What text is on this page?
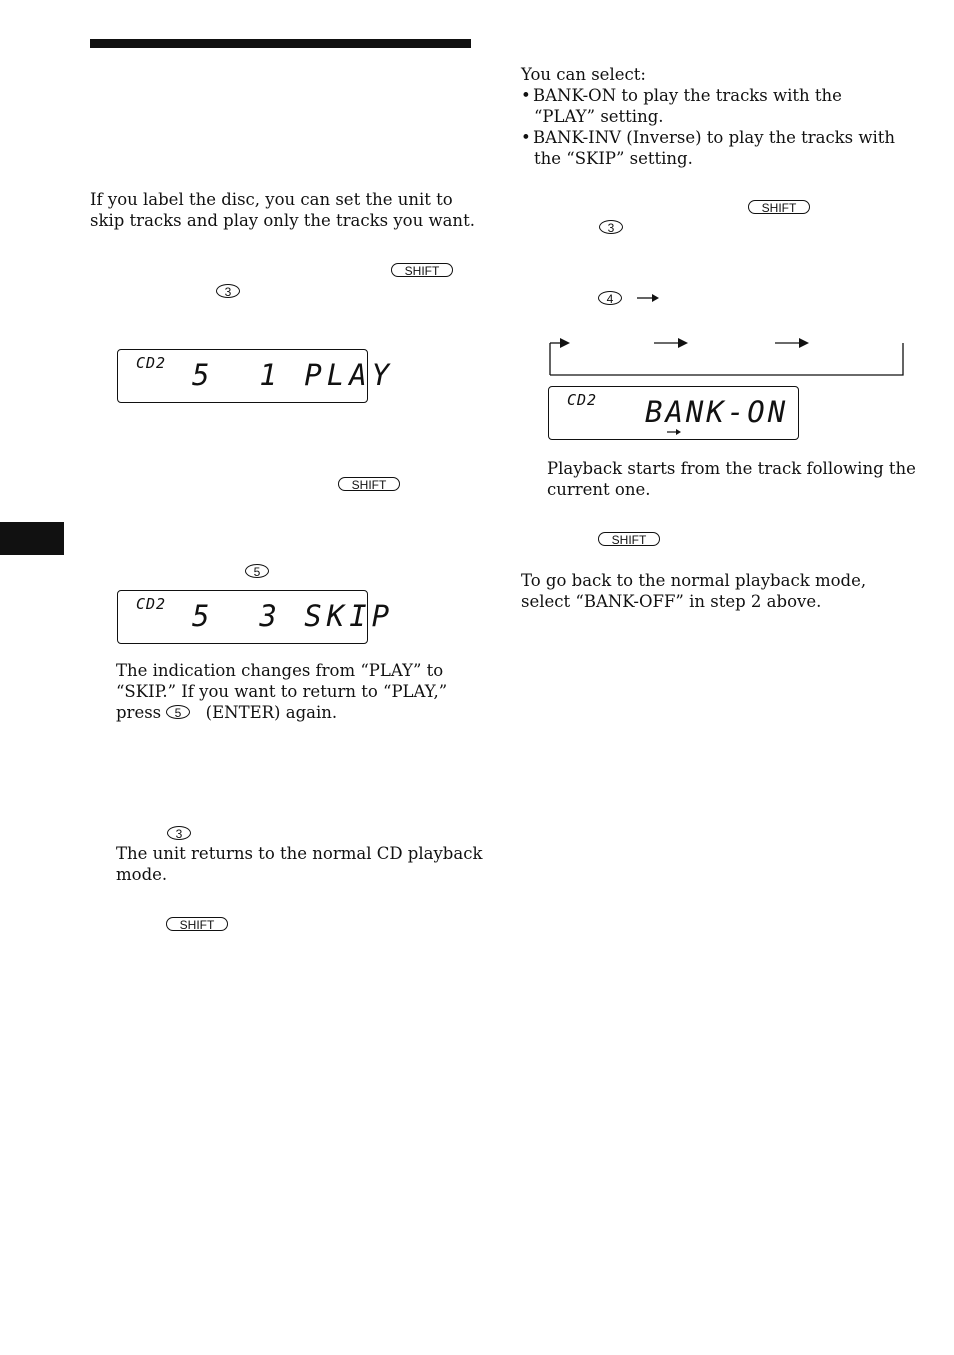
If you label the disc, you can set the unit to skip tracks and play only the tracks you want.
SHIFT
3
CD2 5  1 PLAY
SHIFT
5
CD2 5  3 SKIP
The indication changes from “PLAY” to
“SKIP.” If you want to return to “PLAY,”
press	(ENTER) again.
5
3
The unit returns to the normal CD playback
mode.
SHIFT
You can select:
• BANK-ON to play the tracks with the
“PLAY” setting.
• BANK-INV (Inverse) to play the tracks with
the “SKIP” setting.
SHIFT
3
4
CD2 BANK-ON
Playback starts from the track following the
current one.
SHIFT
To go back to the normal playback mode,
select “BANK-OFF” in step 2 above.
